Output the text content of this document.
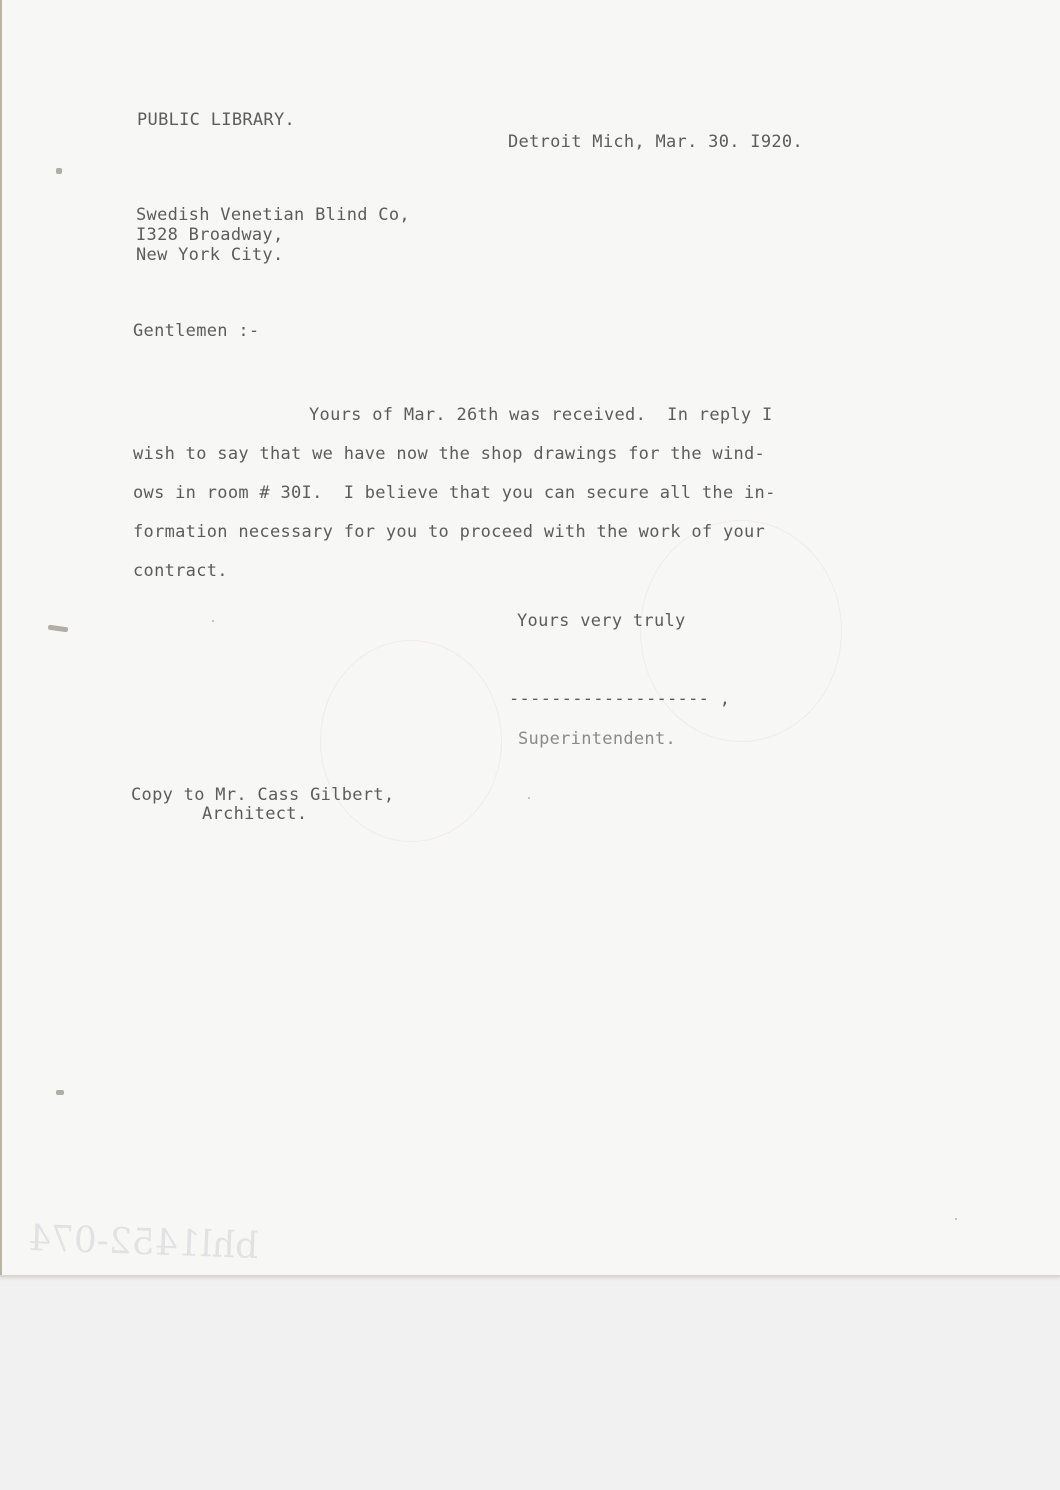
PUBLIC LIBRARY.
Detroit Mich, Mar. 30. I920.
Swedish Venetian Blind Co,
I328 Broadway,
New York City.
Gentlemen :-
Yours of Mar. 26th was received.  In reply I
wish to say that we have now the shop drawings for the wind-
ows in room # 30I.  I believe that you can secure all the in-
formation necessary for you to proceed with the work of your
contract.
Yours very truly
------------------- ,
Superintendent.
Copy to Mr. Cass Gilbert,
Architect.
bhl1452-074
